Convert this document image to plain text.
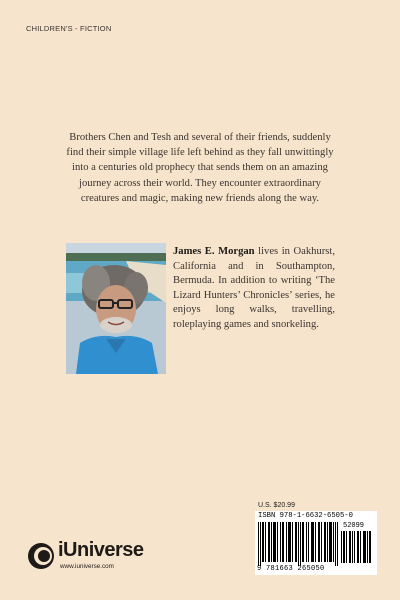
CHILDREN'S - FICTION
Brothers Chen and Tesh and several of their friends, suddenly find their simple village life left behind as they fall unwittingly into a centuries old prophecy that sends them on an amazing journey across their world. They encounter extraordinary creatures and magic, making new friends along the way.
James E. Morgan lives in Oakhurst, California and in Southampton, Bermuda. In addition to writing ‘The Lizard Hunters’ Chronicles’ series, he enjoys long walks, travelling, roleplaying games and snorkeling.
U.S. $20.99
ISBN 978-1-6632-6505-0
52099
9 781663 265050
iUniverse
www.iuniverse.com
